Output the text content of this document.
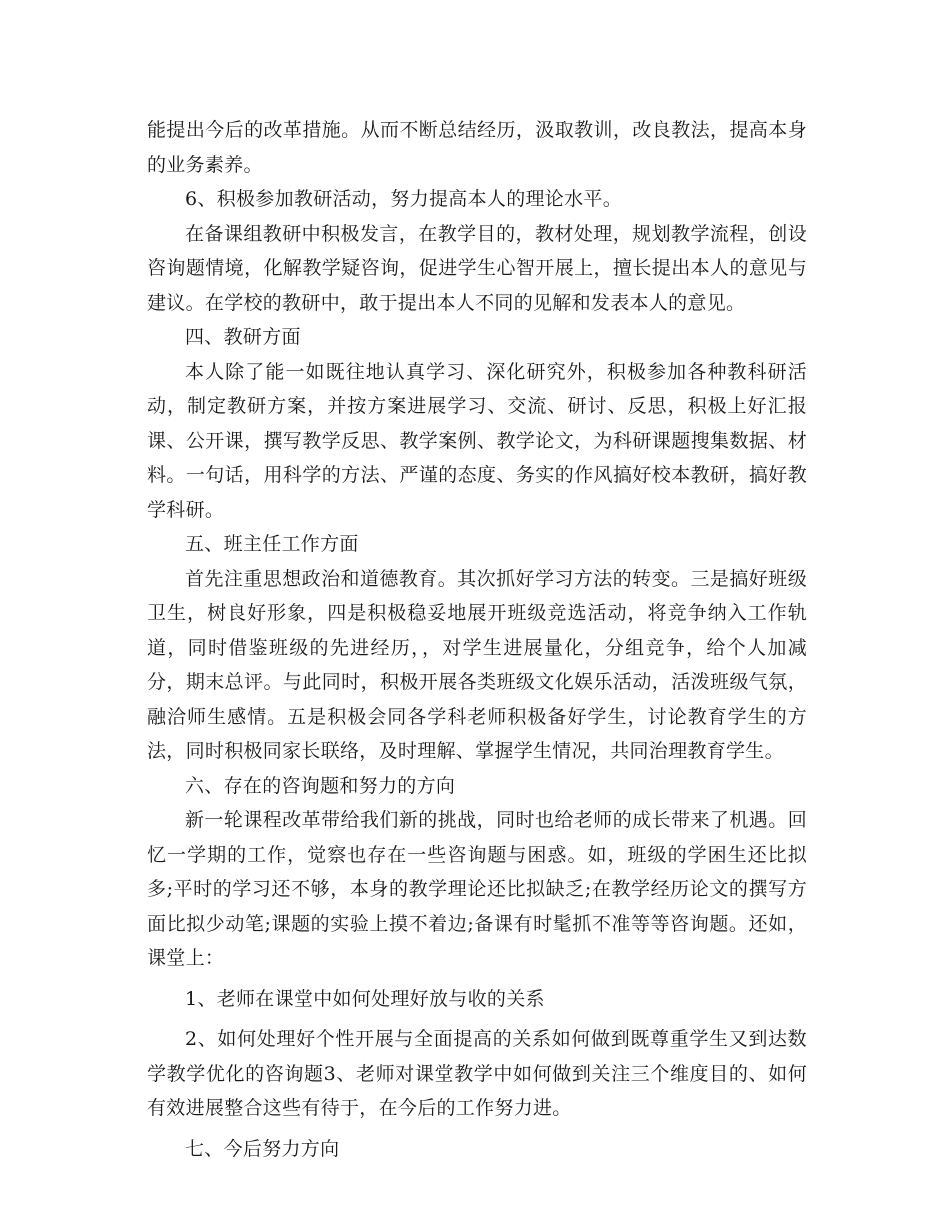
能提出今后的改革措施。从而不断总结经历，汲取教训，改良教法，提高本身的业务素养。

6、积极参加教研活动，努力提高本人的理论水平。

在备课组教研中积极发言，在教学目的，教材处理，规划教学流程，创设咨询题情境，化解教学疑咨询，促进学生心智开展上，擅长提出本人的意见与建议。在学校的教研中，敢于提出本人不同的见解和发表本人的意见。

四、教研方面

本人除了能一如既往地认真学习、深化研究外，积极参加各种教科研活动，制定教研方案，并按方案进展学习、交流、研讨、反思，积极上好汇报课、公开课，撰写教学反思、教学案例、教学论文，为科研课题搜集数据、材料。一句话，用科学的方法、严谨的态度、务实的作风搞好校本教研，搞好教学科研。

五、班主任工作方面

首先注重思想政治和道德教育。其次抓好学习方法的转变。三是搞好班级卫生，树良好形象，四是积极稳妥地展开班级竞选活动，将竞争纳入工作轨道，同时借鉴班级的先进经历，，对学生进展量化，分组竞争，给个人加减分，期末总评。与此同时，积极开展各类班级文化娱乐活动，活泼班级气氛，融洽师生感情。五是积极会同各学科老师积极备好学生，讨论教育学生的方法，同时积极同家长联络，及时理解、掌握学生情况，共同治理教育学生。

六、存在的咨询题和努力的方向

新一轮课程改革带给我们新的挑战，同时也给老师的成长带来了机遇。回忆一学期的工作，觉察也存在一些咨询题与困惑。如，班级的学困生还比拟多;平时的学习还不够，本身的教学理论还比拟缺乏;在教学经历论文的撰写方面比拟少动笔;课题的实验上摸不着边;备课有时髦抓不准等等咨询题。还如，课堂上：

1、老师在课堂中如何处理好放与收的关系

2、如何处理好个性开展与全面提高的关系如何做到既尊重学生又到达数学教学优化的咨询题3、老师对课堂教学中如何做到关注三个维度目的、如何有效进展整合这些有待于，在今后的工作努力进。

七、今后努力方向
